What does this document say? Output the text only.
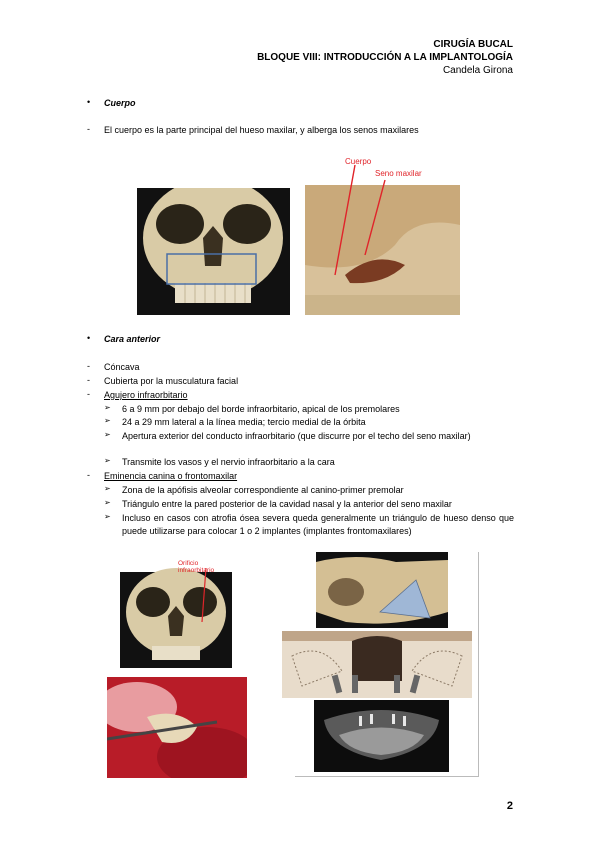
CIRUGÍA BUCAL
BLOQUE VIII: INTRODUCCIÓN A LA IMPLANTOLOGÍA
Candela Girona
• Cuerpo
- El cuerpo es la parte principal del hueso maxilar, y alberga los senos maxilares
Cuerpo
Seno maxilar
• Cara anterior
- Cóncava
- Cubierta por la musculatura facial
- Agujero infraorbitario
➢ 6 a 9 mm por debajo del borde infraorbitario, apical de los premolares
➢ 24 a 29 mm lateral a la línea media; tercio medial de la órbita
➢ Apertura exterior del conducto infraorbitario (que discurre por el techo del seno maxilar)
➢ Transmite los vasos y el nervio infraorbitario a la cara
- Eminencia canina o frontomaxilar
➢ Zona de la apófisis alveolar correspondiente al canino-primer premolar
➢ Triángulo entre la pared posterior de la cavidad nasal y la anterior del seno maxilar
➢ Incluso en casos con atrofia ósea severa queda generalmente un triángulo de hueso denso que puede utilizarse para colocar 1 o 2 implantes (implantes frontomaxilares)
Orificio infraorbitario
2
